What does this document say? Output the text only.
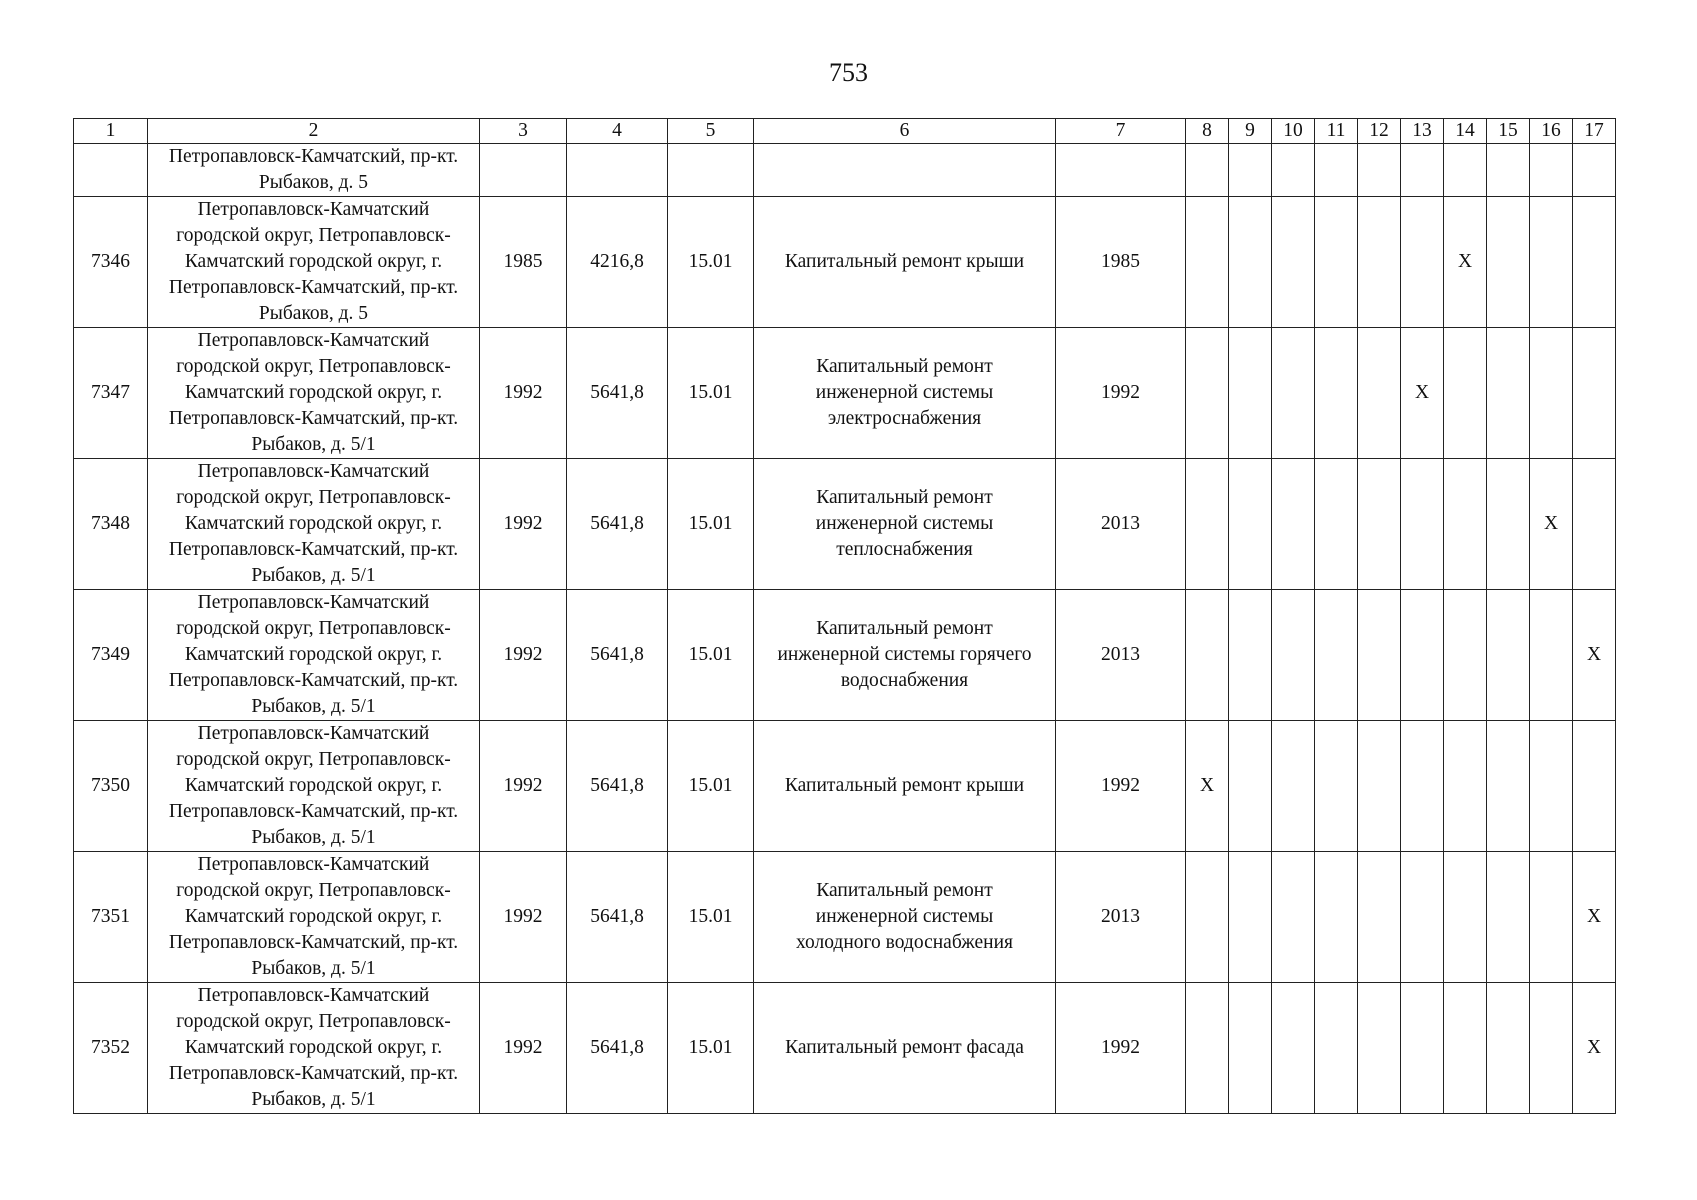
753
1	2	3	4	5	6	7	8	9	10	11	12	13	14	15	16	17
	Петропавловск-Камчатский, пр-кт.
Рыбаков, д. 5															
7346	Петропавловск-Камчатский
городской округ, Петропавловск-
Камчатский городской округ, г.
Петропавловск-Камчатский, пр-кт.
Рыбаков, д. 5	1985	4216,8	15.01	Капитальный ремонт крыши	1985							X			
7347	Петропавловск-Камчатский
городской округ, Петропавловск-
Камчатский городской округ, г.
Петропавловск-Камчатский, пр-кт.
Рыбаков, д. 5/1	1992	5641,8	15.01	Капитальный ремонт
инженерной системы
электроснабжения	1992						X				
7348	Петропавловск-Камчатский
городской округ, Петропавловск-
Камчатский городской округ, г.
Петропавловск-Камчатский, пр-кт.
Рыбаков, д. 5/1	1992	5641,8	15.01	Капитальный ремонт
инженерной системы
теплоснабжения	2013									X	
7349	Петропавловск-Камчатский
городской округ, Петропавловск-
Камчатский городской округ, г.
Петропавловск-Камчатский, пр-кт.
Рыбаков, д. 5/1	1992	5641,8	15.01	Капитальный ремонт
инженерной системы горячего
водоснабжения	2013										X
7350	Петропавловск-Камчатский
городской округ, Петропавловск-
Камчатский городской округ, г.
Петропавловск-Камчатский, пр-кт.
Рыбаков, д. 5/1	1992	5641,8	15.01	Капитальный ремонт крыши	1992	X									
7351	Петропавловск-Камчатский
городской округ, Петропавловск-
Камчатский городской округ, г.
Петропавловск-Камчатский, пр-кт.
Рыбаков, д. 5/1	1992	5641,8	15.01	Капитальный ремонт
инженерной системы
холодного водоснабжения	2013										X
7352	Петропавловск-Камчатский
городской округ, Петропавловск-
Камчатский городской округ, г.
Петропавловск-Камчатский, пр-кт.
Рыбаков, д. 5/1	1992	5641,8	15.01	Капитальный ремонт фасада	1992										X
